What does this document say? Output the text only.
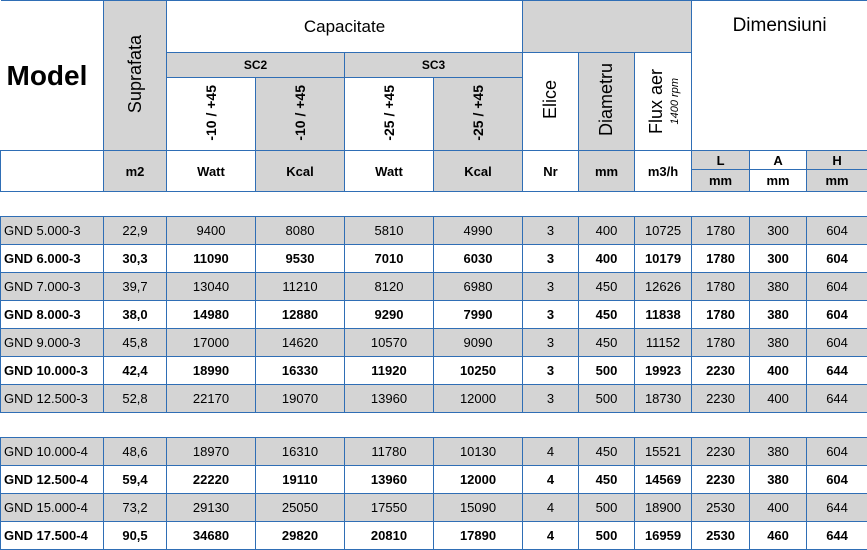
Model	Suprafata	Capacitate							Dimensiuni		
		SC2		SC3		Elice	Diametru	Flux aer 1400 rpm			

		-10 / +45	-10 / +45	-25 / +45	-25 / +45						
	m2	Watt	Kcal	Watt	Kcal	Nr	mm	m3/h	L	A	H
									mm	mm	mm

GND 5.000-3	22,9	9400	8080	5810	4990	3	400	10725	1780	300	604
GND 6.000-3	30,3	11090	9530	7010	6030	3	400	10179	1780	300	604
GND 7.000-3	39,7	13040	11210	8120	6980	3	450	12626	1780	380	604
GND 8.000-3	38,0	14980	12880	9290	7990	3	450	11838	1780	380	604
GND 9.000-3	45,8	17000	14620	10570	9090	3	450	11152	1780	380	604
GND 10.000-3	42,4	18990	16330	11920	10250	3	500	19923	2230	400	644
GND 12.500-3	52,8	22170	19070	13960	12000	3	500	18730	2230	400	644

GND 10.000-4	48,6	18970	16310	11780	10130	4	450	15521	2230	380	604
GND 12.500-4	59,4	22220	19110	13960	12000	4	450	14569	2230	380	604
GND 15.000-4	73,2	29130	25050	17550	15090	4	500	18900	2530	400	644
GND 17.500-4	90,5	34680	29820	20810	17890	4	500	16959	2530	460	644
